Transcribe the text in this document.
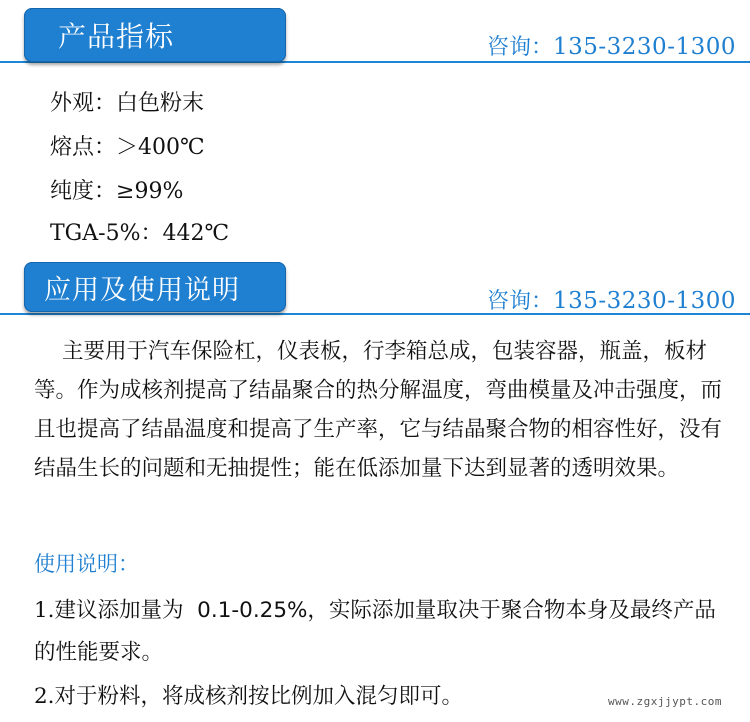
产品指标	咨询：135-3230-1300
外观：白色粉末
熔点：＞400℃
纯度：≥99%
TGA-5%：442℃
应用及使用说明	咨询：135-3230-1300
主要用于汽车保险杠，仪表板，行李箱总成，包装容器，瓶盖，板材等。作为成核剂提高了结晶聚合的热分解温度，弯曲模量及冲击强度，而且也提高了结晶温度和提高了生产率，它与结晶聚合物的相容性好，没有结晶生长的问题和无抽提性；能在低添加量下达到显著的透明效果。
使用说明：
1.建议添加量为  0.1-0.25%，实际添加量取决于聚合物本身及最终产品的性能要求。
2.对于粉料，将成核剂按比例加入混匀即可。	www.zgxjjypt.com
